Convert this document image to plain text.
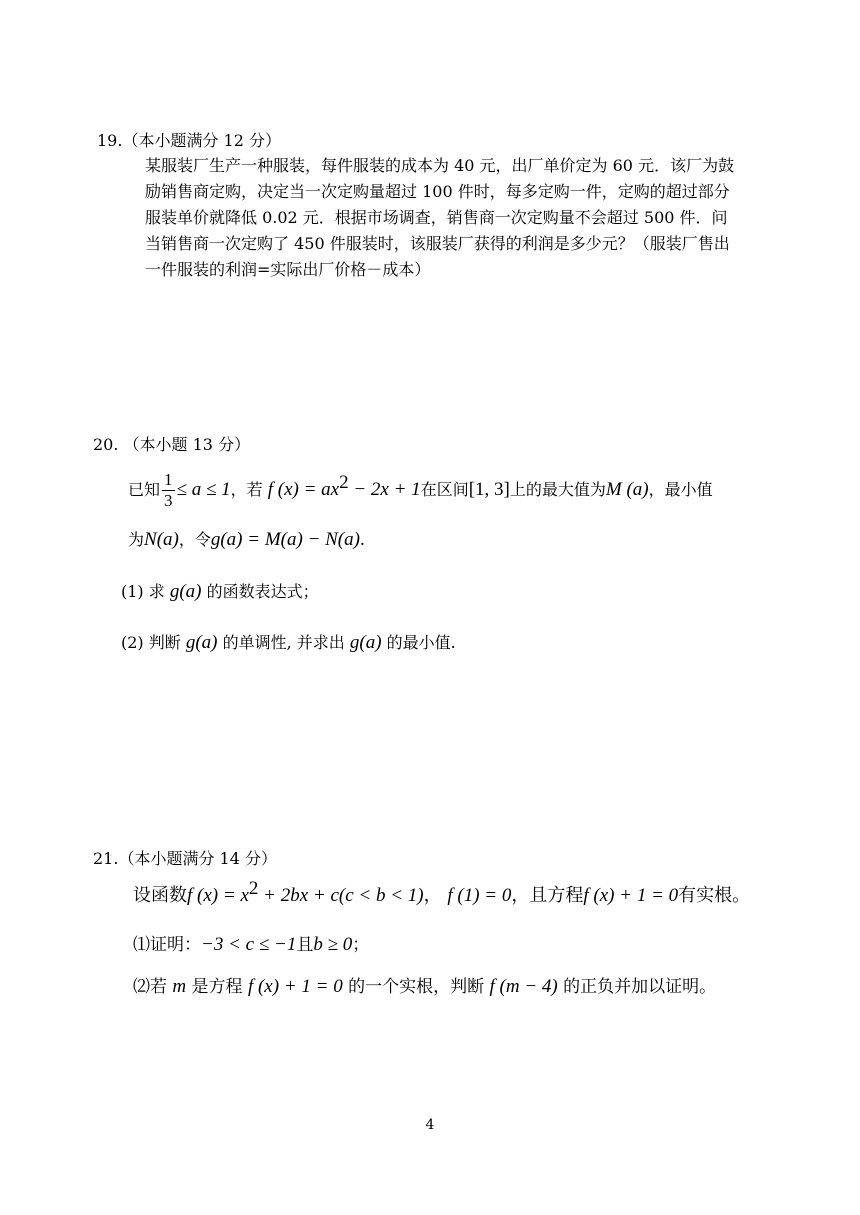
19.（本小题满分 12 分）
某服装厂生产一种服装，每件服装的成本为 40 元，出厂单价定为 60 元．该厂为鼓
励销售商定购，决定当一次定购量超过 100 件时，每多定购一件，定购的超过部分
服装单价就降低 0.02 元．根据市场调查，销售商一次定购量不会超过 500 件．问
当销售商一次定购了 450 件服装时，该服装厂获得的利润是多少元？（服装厂售出
一件服装的利润=实际出厂价格－成本）
20. （本小题 13 分）
已知 $\frac{1}{3} \le a \le 1$，若 f $(x) = ax^2 - 2x + 1$在区间[1, 3]上的最大值为M (a)，最小值
为N(a)，令g(a) = M(a) − N(a).
(1) 求 g(a) 的函数表达式；
(2) 判断 g(a) 的单调性, 并求出 g(a) 的最小值.
21.（本小题满分 14 分）
设函数f $(x) = x^2 + 2bx + c(c < b < 1)$， f (1) = 0，且方程f (x) + 1 = 0有实根。
⑴证明：−3 < c ≤ −1且b ≥ 0；
⑵若 m 是方程 f (x) + 1 = 0 的一个实根，判断 f (m − 4) 的正负并加以证明。
4
